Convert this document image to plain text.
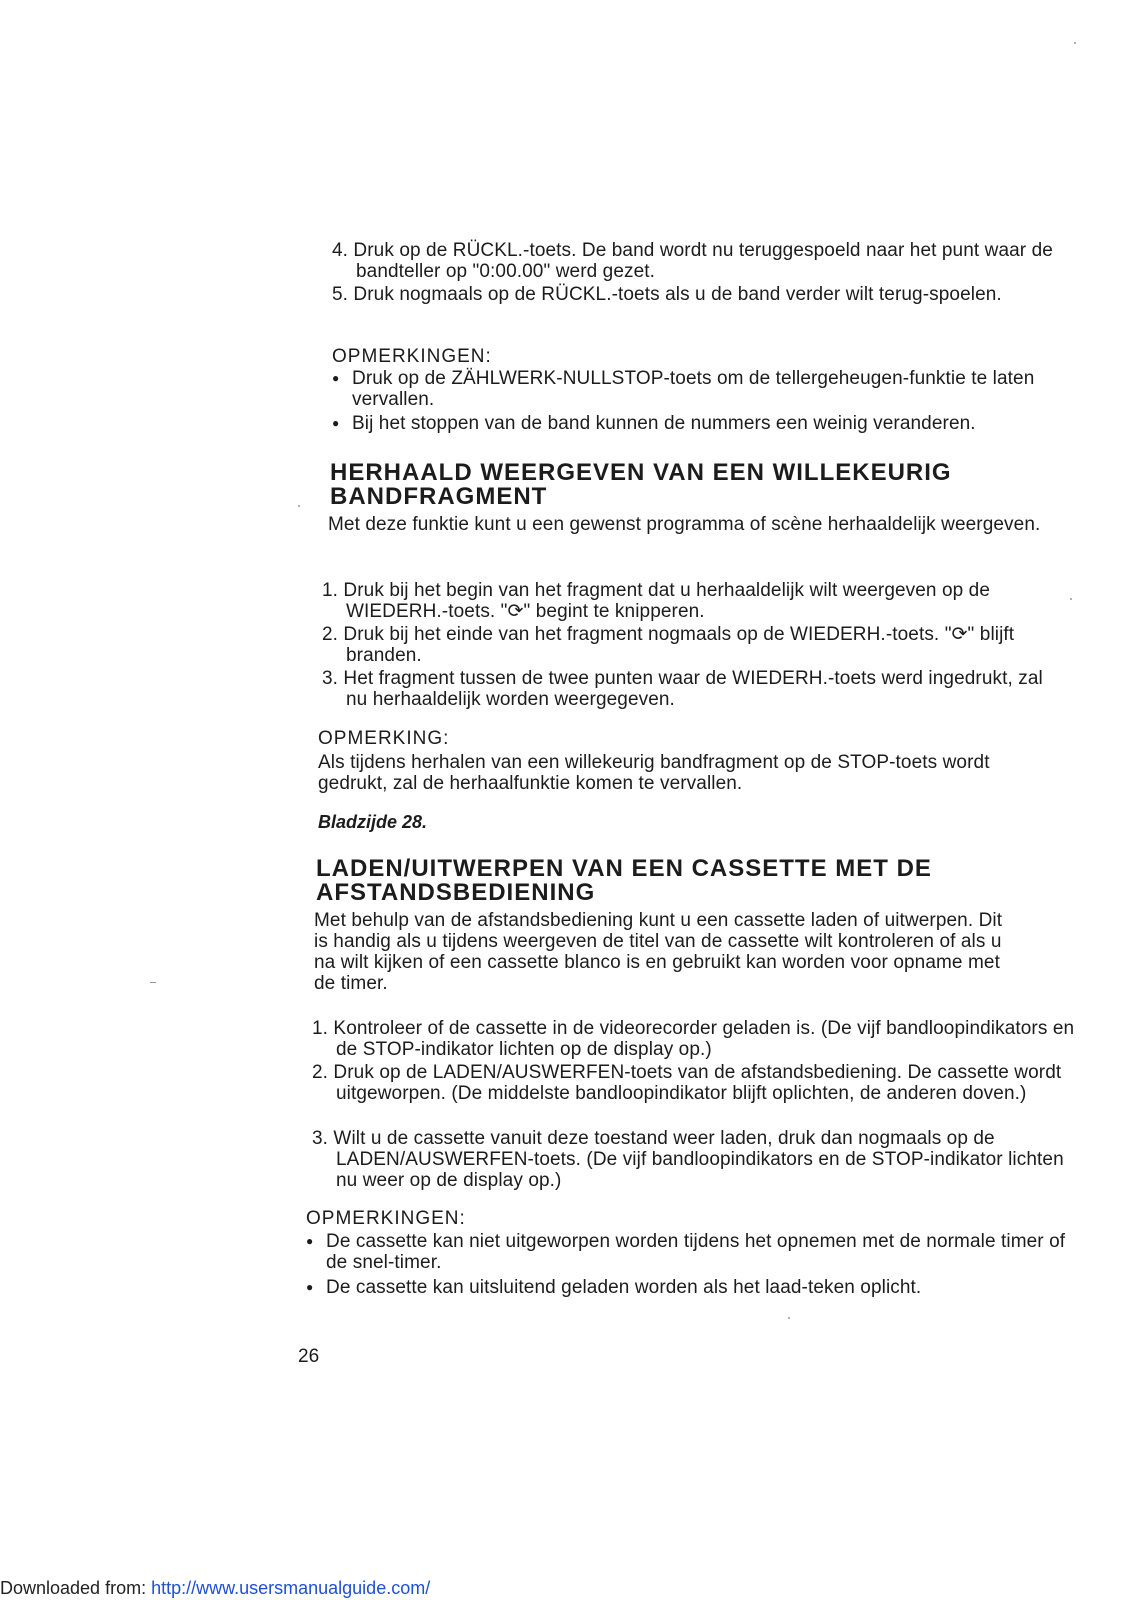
4. Druk op de RÜCKL.-toets. De band wordt nu teruggespoeld naar het punt waar de bandteller op "0:00.00" werd gezet.

5. Druk nogmaals op de RÜCKL.-toets als u de band verder wilt terug-spoelen.

OPMERKINGEN:

● Druk op de ZÄHLWERK-NULLSTOP-toets om de tellergeheugen-funktie te laten vervallen.

● Bij het stoppen van de band kunnen de nummers een weinig veranderen.

HERHAALD WEERGEVEN VAN EEN WILLEKEURIG BANDFRAGMENT

Met deze funktie kunt u een gewenst programma of scène herhaaldelijk weergeven.

1. Druk bij het begin van het fragment dat u herhaaldelijk wilt weergeven op de WIEDERH.-toets. "⟳" begint te knipperen.

2. Druk bij het einde van het fragment nogmaals op de WIEDERH.-toets. "⟳" blijft branden.

3. Het fragment tussen de twee punten waar de WIEDERH.-toets werd ingedrukt, zal nu herhaaldelijk worden weergegeven.

OPMERKING:

Als tijdens herhalen van een willekeurig bandfragment op de STOP-toets wordt gedrukt, zal de herhaalfunktie komen te vervallen.

Bladzijde 28.

LADEN/UITWERPEN VAN EEN CASSETTE MET DE AFSTANDSBEDIENING

Met behulp van de afstandsbediening kunt u een cassette laden of uitwerpen. Dit is handig als u tijdens weergeven de titel van de cassette wilt kontroleren of als u na wilt kijken of een cassette blanco is en gebruikt kan worden voor opname met de timer.

1. Kontroleer of de cassette in de videorecorder geladen is. (De vijf bandloopindikators en de STOP-indikator lichten op de display op.)

2. Druk op de LADEN/AUSWERFEN-toets van de afstandsbediening. De cassette wordt uitgeworpen. (De middelste bandloopindikator blijft oplichten, de anderen doven.)

3. Wilt u de cassette vanuit deze toestand weer laden, druk dan nogmaals op de LADEN/AUSWERFEN-toets. (De vijf bandloopindikators en de STOP-indikator lichten nu weer op de display op.)

OPMERKINGEN:

● De cassette kan niet uitgeworpen worden tijdens het opnemen met de normale timer of de snel-timer.

● De cassette kan uitsluitend geladen worden als het laad-teken oplicht.

26

Downloaded from: http://www.usersmanualguide.com/
